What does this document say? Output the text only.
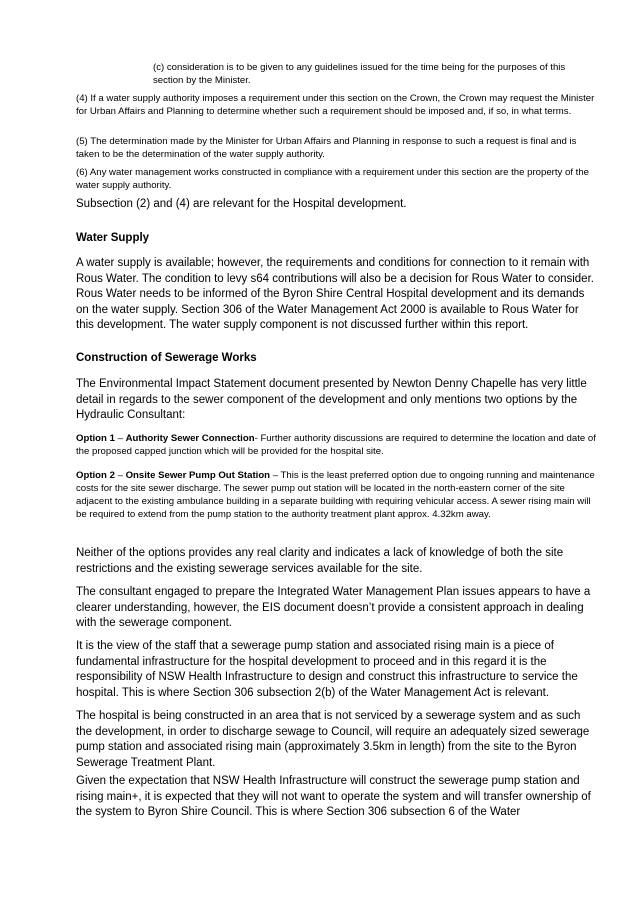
(c) consideration is to be given to any guidelines issued for the time being for the purposes of this section by the Minister.

(4) If a water supply authority imposes a requirement under this section on the Crown, the Crown may request the Minister for Urban Affairs and Planning to determine whether such a requirement should be imposed and, if so, in what terms.

(5) The determination made by the Minister for Urban Affairs and Planning in response to such a request is final and is taken to be the determination of the water supply authority.

(6) Any water management works constructed in compliance with a requirement under this section are the property of the water supply authority.

Subsection (2) and (4) are relevant for the Hospital development.

Water Supply

A water supply is available; however, the requirements and conditions for connection to it remain with Rous Water. The condition to levy s64 contributions will also be a decision for Rous Water to consider. Rous Water needs to be informed of the Byron Shire Central Hospital development and its demands on the water supply. Section 306 of the Water Management Act 2000 is available to Rous Water for this development. The water supply component is not discussed further within this report.

Construction of Sewerage Works

The Environmental Impact Statement document presented by Newton Denny Chapelle has very little detail in regards to the sewer component of the development and only mentions two options by the Hydraulic Consultant:

Option 1 – Authority Sewer Connection- Further authority discussions are required to determine the location and date of the proposed capped junction which will be provided for the hospital site.

Option 2 – Onsite Sewer Pump Out Station – This is the least preferred option due to ongoing running and maintenance costs for the site sewer discharge. The sewer pump out station will be located in the north-eastern corner of the site adjacent to the existing ambulance building in a separate building with requiring vehicular access. A sewer rising main will be required to extend from the pump station to the authority treatment plant approx. 4.32km away.

Neither of the options provides any real clarity and indicates a lack of knowledge of both the site restrictions and the existing sewerage services available for the site.

The consultant engaged to prepare the Integrated Water Management Plan issues appears to have a clearer understanding, however, the EIS document doesn’t provide a consistent approach in dealing with the sewerage component.

It is the view of the staff that a sewerage pump station and associated rising main is a piece of fundamental infrastructure for the hospital development to proceed and in this regard it is the responsibility of NSW Health Infrastructure to design and construct this infrastructure to service the hospital. This is where Section 306 subsection 2(b) of the Water Management Act is relevant.

The hospital is being constructed in an area that is not serviced by a sewerage system and as such the development, in order to discharge sewage to Council, will require an adequately sized sewerage pump station and associated rising main (approximately 3.5km in length) from the site to the Byron Sewerage Treatment Plant.

Given the expectation that NSW Health Infrastructure will construct the sewerage pump station and rising main+, it is expected that they will not want to operate the system and will transfer ownership of the system to Byron Shire Council. This is where Section 306 subsection 6 of the Water
